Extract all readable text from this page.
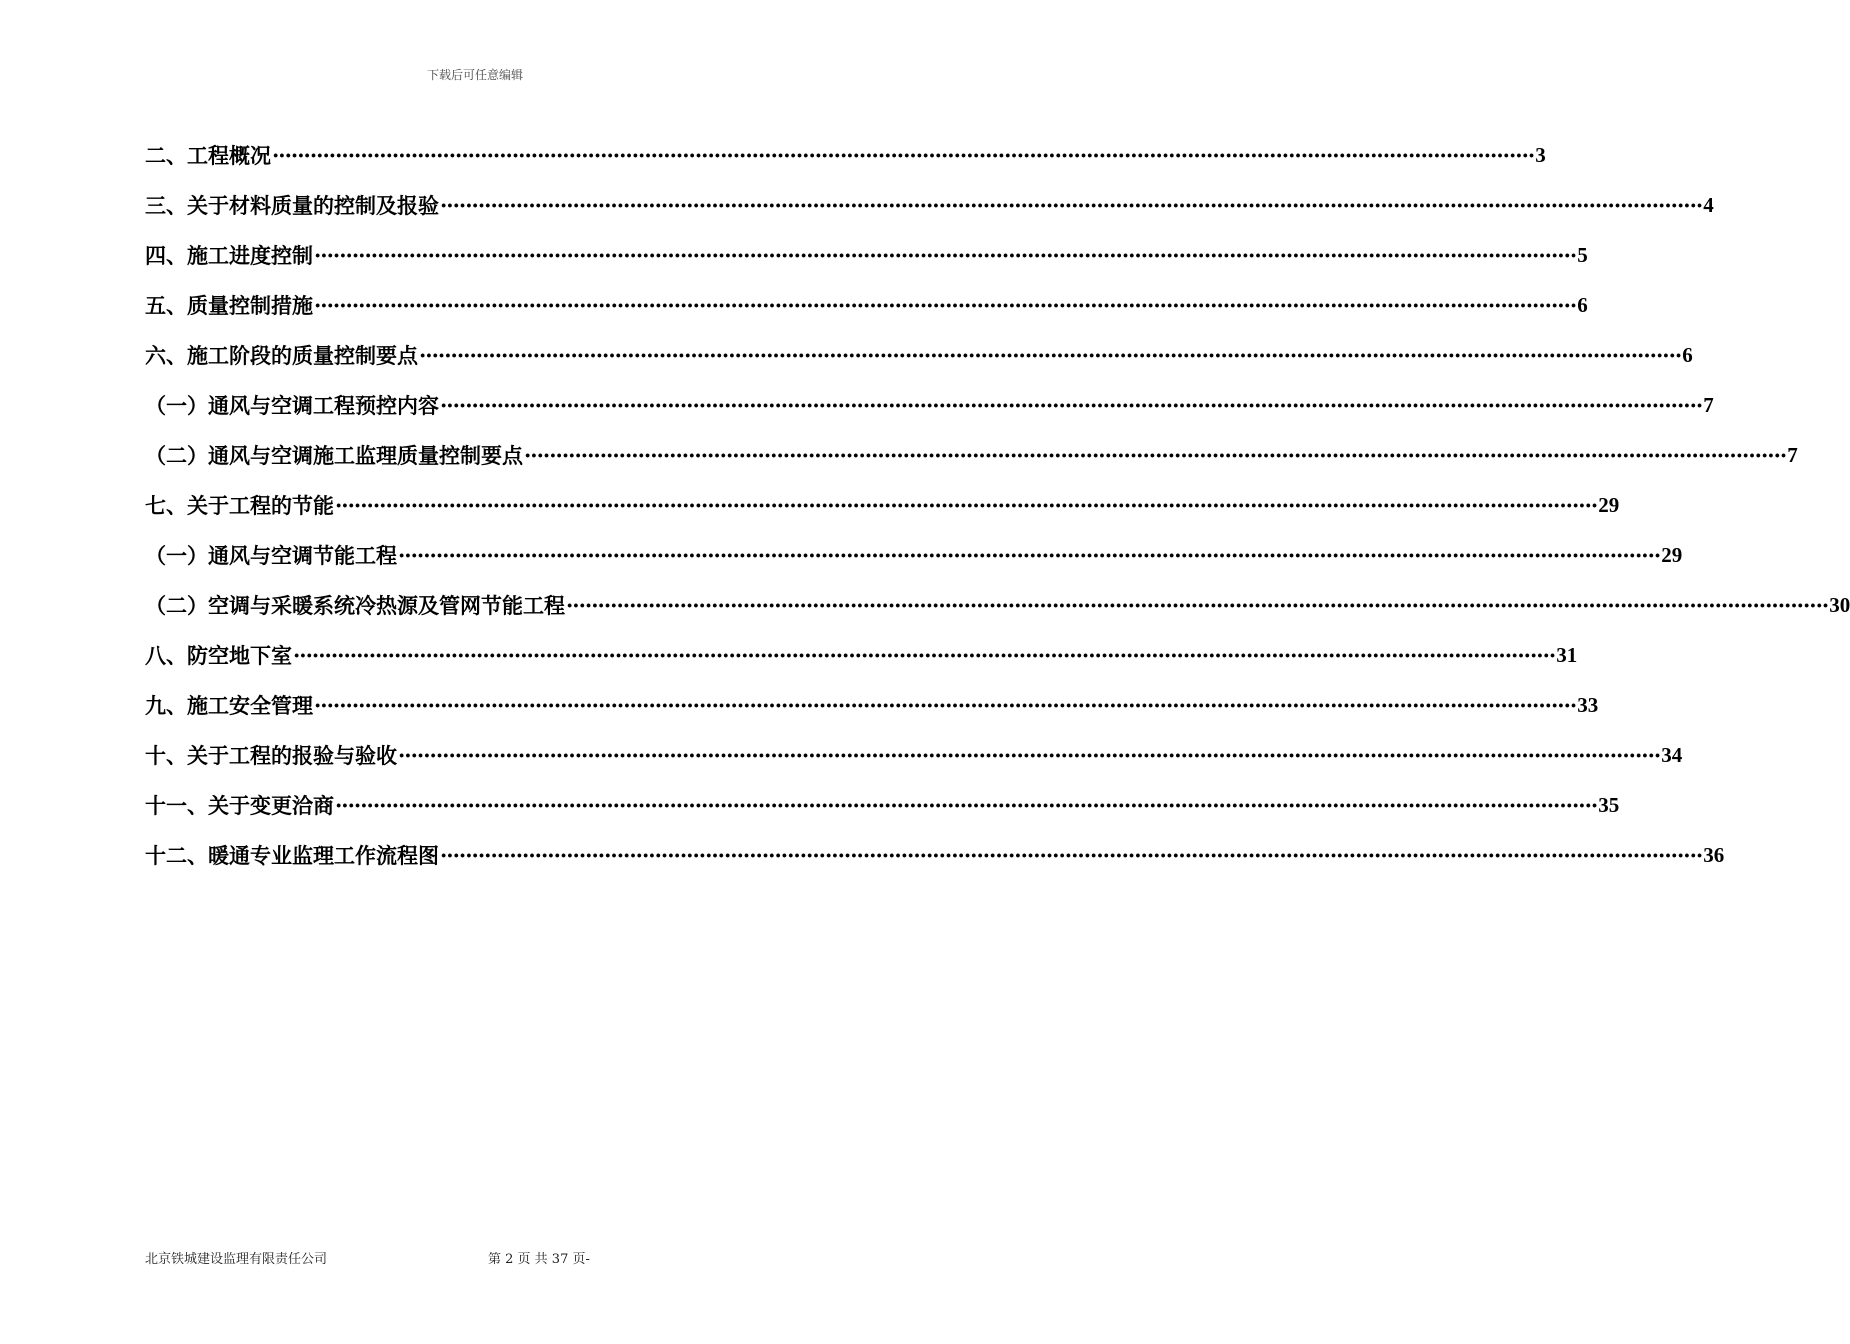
下载后可任意编辑
二、工程概况 ········································································································································································································ 3
三、关于材料质量的控制及报验 ········································································································································································································ 4
四、施工进度控制 ········································································································································································································ 5
五、质量控制措施 ········································································································································································································ 6
六、施工阶段的质量控制要点 ········································································································································································································ 6
（一）通风与空调工程预控内容 ········································································································································································································ 7
（二）通风与空调施工监理质量控制要点 ········································································································································································································ 7
七、关于工程的节能 ········································································································································································································ 29
（一）通风与空调节能工程 ········································································································································································································ 29
（二）空调与采暖系统冷热源及管网节能工程 ········································································································································································································ 30
八、防空地下室 ········································································································································································································ 31
九、施工安全管理 ········································································································································································································ 33
十、关于工程的报验与验收 ········································································································································································································ 34
十一、关于变更洽商 ········································································································································································································ 35
十二、暖通专业监理工作流程图 ········································································································································································································ 36
北京铁城建设监理有限责任公司	第 2 页 共 37 页-
